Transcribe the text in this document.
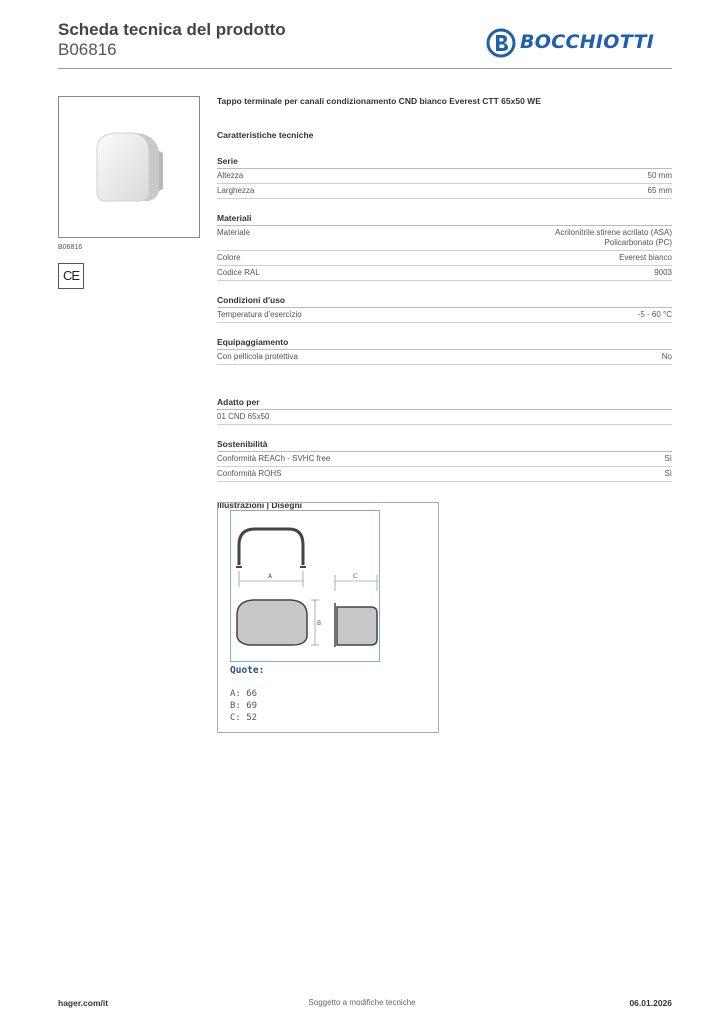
Scheda tecnica del prodotto
B06816	BOCCHIOTTI
B06816
CE
Tappo terminale per canali condizionamento CND bianco Everest CTT 65x50 WE
Caratteristiche tecniche
Serie
Altezza	50 mm
Larghezza	65 mm
Materiali
Materiale	Acrilonitrile stirene acrilato (ASA)
Policarbonato (PC)
Colore	Everest bianco
Codice RAL	9003
Condizioni d'uso
Temperatura d'esercizio	-5 - 60 °C
Equipaggiamento
Con pellicola protettiva	No
Adatto per
01 CND 65x50
Sostenibilità
Conformità REACh - SVHC free	Sì
Conformità ROHS	Sì
Illustrazioni | Disegni
A
B
C
Quote:
A: 66
B: 69
C: 52
hager.com/it	Soggetto a modifiche tecniche	06.01.2026
